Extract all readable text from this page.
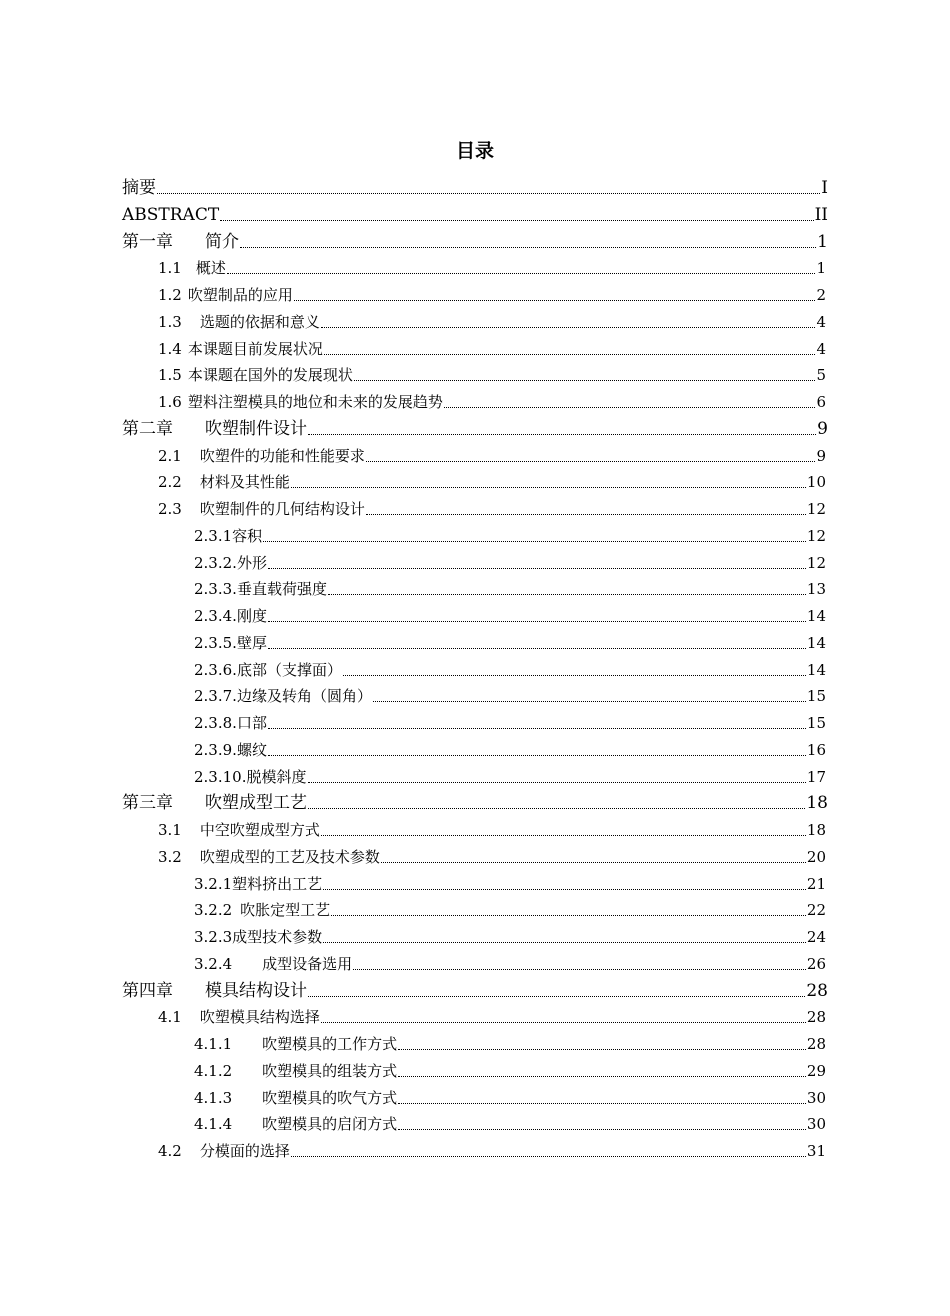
目录
摘要	I
ABSTRACT	II
第一章 简介	1
1.1 概述	1
1.2 吹塑制品的应用	2
1.3 选题的依据和意义	4
1.4 本课题目前发展状况	4
1.5 本课题在国外的发展现状	5
1.6 塑料注塑模具的地位和未来的发展趋势	6
第二章 吹塑制件设计	9
2.1 吹塑件的功能和性能要求	9
2.2 材料及其性能	10
2.3 吹塑制件的几何结构设计	12
2.3.1容积	12
2.3.2.外形	12
2.3.3.垂直载荷强度	13
2.3.4.刚度	14
2.3.5.壁厚	14
2.3.6.底部（支撑面）	14
2.3.7.边缘及转角（圆角）	15
2.3.8.口部	15
2.3.9.螺纹	16
2.3.10.脱模斜度	17
第三章 吹塑成型工艺	18
3.1 中空吹塑成型方式	18
3.2 吹塑成型的工艺及技术参数	20
3.2.1塑料挤出工艺	21
3.2.2 吹胀定型工艺	22
3.2.3成型技术参数	24
3.2.4 成型设备选用	26
第四章 模具结构设计	28
4.1 吹塑模具结构选择	28
4.1.1 吹塑模具的工作方式	28
4.1.2 吹塑模具的组装方式	29
4.1.3 吹塑模具的吹气方式	30
4.1.4 吹塑模具的启闭方式	30
4.2 分模面的选择	31
